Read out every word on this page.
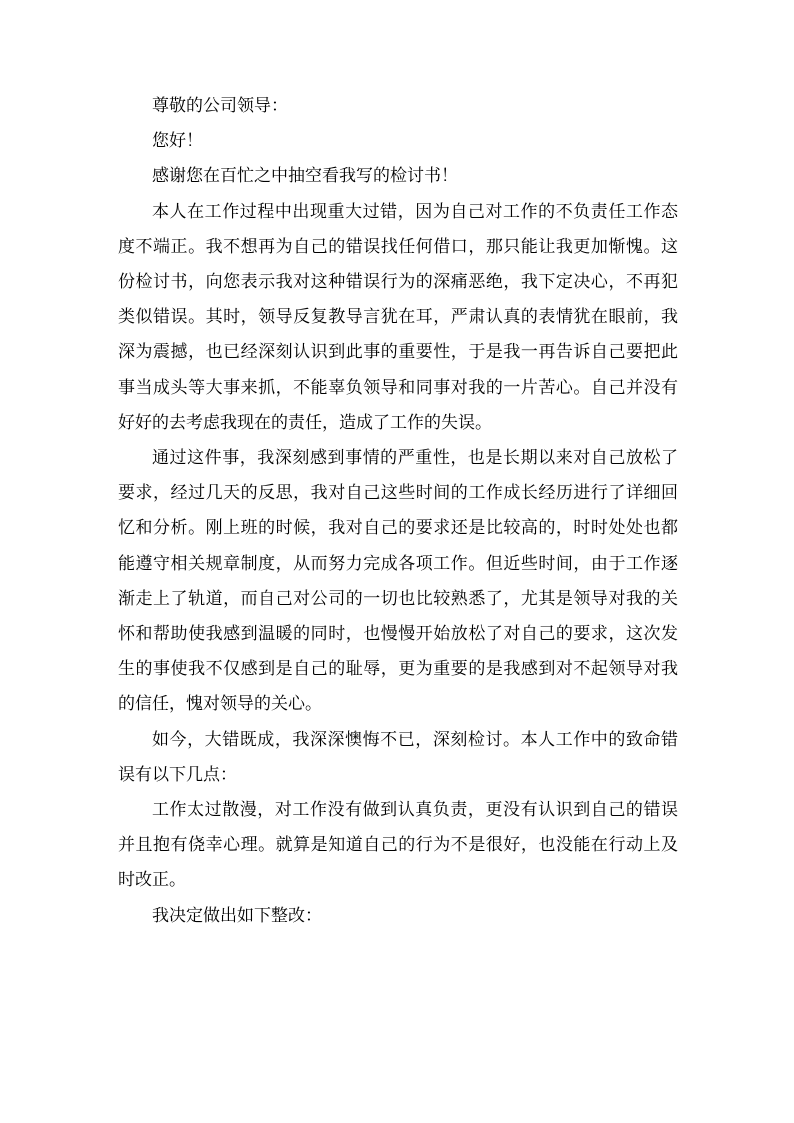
尊敬的公司领导：

您好！

感谢您在百忙之中抽空看我写的检讨书！

本人在工作过程中出现重大过错，因为自己对工作的不负责任工作态度不端正。我不想再为自己的错误找任何借口，那只能让我更加惭愧。这份检讨书，向您表示我对这种错误行为的深痛恶绝，我下定决心，不再犯类似错误。其时，领导反复教导言犹在耳，严肃认真的表情犹在眼前，我深为震撼，也已经深刻认识到此事的重要性，于是我一再告诉自己要把此事当成头等大事来抓，不能辜负领导和同事对我的一片苦心。自己并没有好好的去考虑我现在的责任，造成了工作的失误。

通过这件事，我深刻感到事情的严重性，也是长期以来对自己放松了要求，经过几天的反思，我对自己这些时间的工作成长经历进行了详细回忆和分析。刚上班的时候，我对自己的要求还是比较高的，时时处处也都能遵守相关规章制度，从而努力完成各项工作。但近些时间，由于工作逐渐走上了轨道，而自己对公司的一切也比较熟悉了，尤其是领导对我的关怀和帮助使我感到温暖的同时，也慢慢开始放松了对自己的要求，这次发生的事使我不仅感到是自己的耻辱，更为重要的是我感到对不起领导对我的信任，愧对领导的关心。

如今，大错既成，我深深懊悔不已，深刻检讨。本人工作中的致命错误有以下几点：

工作太过散漫，对工作没有做到认真负责，更没有认识到自己的错误并且抱有侥幸心理。就算是知道自己的行为不是很好，也没能在行动上及时改正。

我决定做出如下整改：
